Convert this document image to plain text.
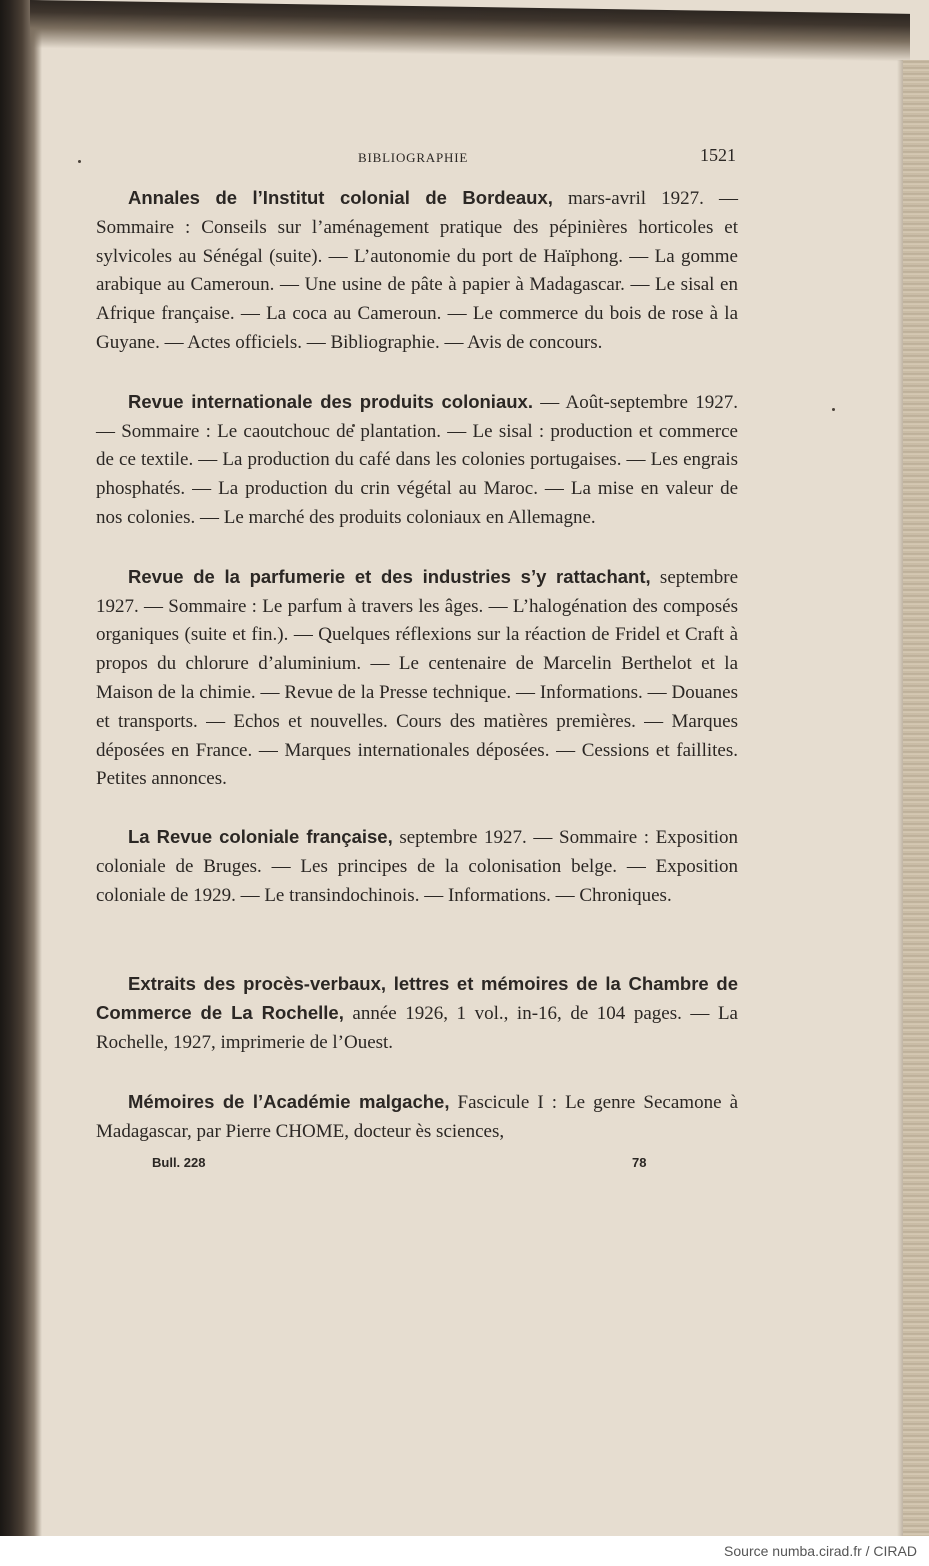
BIBLIOGRAPHIE	1521

Annales de l’Institut colonial de Bordeaux, mars-avril 1927. — Sommaire : Conseils sur l’aménagement pratique des pépinières horticoles et sylvicoles au Sénégal (suite). — L’autonomie du port de Haïphong. — La gomme arabique au Cameroun. — Une usine de pâte à papier à Madagascar. — Le sisal en Afrique française. — La coca au Cameroun. — Le commerce du bois de rose à la Guyane. — Actes officiels. — Bibliographie. — Avis de concours.

Revue internationale des produits coloniaux. — Août-septembre 1927. — Sommaire : Le caoutchouc de plantation. — Le sisal : production et commerce de ce textile. — La production du café dans les colonies portugaises. — Les engrais phosphatés. — La production du crin végétal au Maroc. — La mise en valeur de nos colonies. — Le marché des produits coloniaux en Allemagne.

Revue de la parfumerie et des industries s’y rattachant, septembre 1927. — Sommaire : Le parfum à travers les âges. — L’halogénation des composés organiques (suite et fin.). — Quelques réflexions sur la réaction de Fridel et Craft à propos du chlorure d’aluminium. — Le centenaire de Marcelin Berthelot et la Maison de la chimie. — Revue de la Presse technique. — Informations. — Douanes et transports. — Echos et nouvelles. Cours des matières premières. — Marques déposées en France. — Marques internationales déposées. — Cessions et faillites. Petites annonces.

La Revue coloniale française, septembre 1927. — Sommaire : Exposition coloniale de Bruges. — Les principes de la colonisation belge. — Exposition coloniale de 1929. — Le transindochinois. — Informations. — Chroniques.

Extraits des procès-verbaux, lettres et mémoires de la Chambre de Commerce de La Rochelle, année 1926, 1 vol., in-16, de 104 pages. — La Rochelle, 1927, imprimerie de l’Ouest.

Mémoires de l’Académie malgache, Fascicule I : Le genre Secamone à Madagascar, par Pierre CHOME, docteur ès sciences,

Bull. 228	78
Source numba.cirad.fr / CIRAD
